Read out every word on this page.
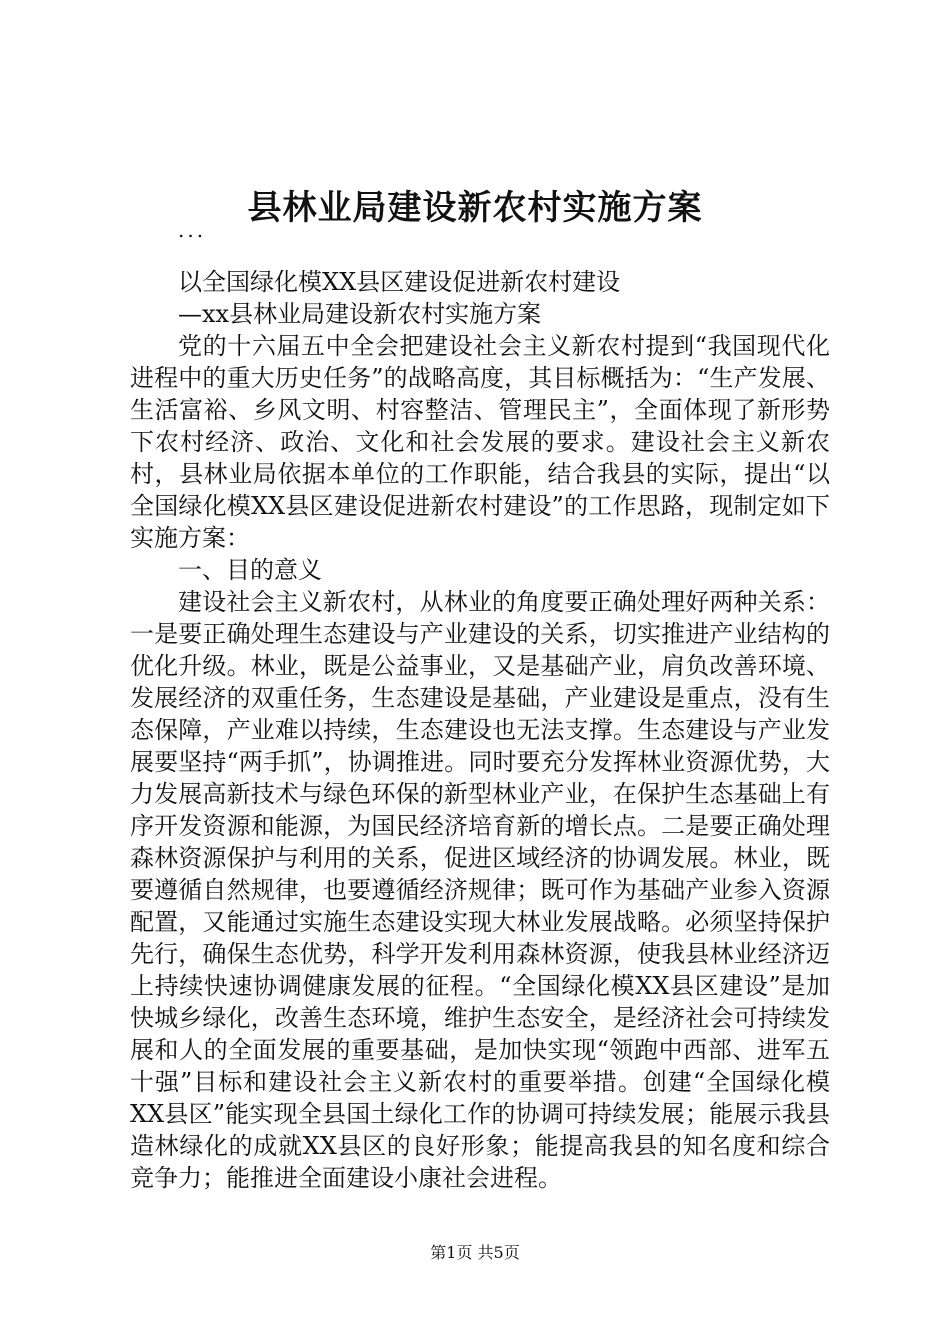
县林业局建设新农村实施方案
...

以全国绿化模XX县区建设促进新农村建设

—xx县林业局建设新农村实施方案

党的十六届五中全会把建设社会主义新农村提到“我国现代化进程中的重大历史任务”的战略高度，其目标概括为：“生产发展、生活富裕、乡风文明、村容整洁、管理民主”，全面体现了新形势下农村经济、政治、文化和社会发展的要求。建设社会主义新农村，县林业局依据本单位的工作职能，结合我县的实际，提出“以全国绿化模XX县区建设促进新农村建设”的工作思路，现制定如下实施方案：

一、目的意义

建设社会主义新农村，从林业的角度要正确处理好两种关系：一是要正确处理生态建设与产业建设的关系，切实推进产业结构的优化升级。林业，既是公益事业，又是基础产业，肩负改善环境、发展经济的双重任务，生态建设是基础，产业建设是重点，没有生态保障，产业难以持续，生态建设也无法支撑。生态建设与产业发展要坚持“两手抓”，协调推进。同时要充分发挥林业资源优势，大力发展高新技术与绿色环保的新型林业产业，在保护生态基础上有序开发资源和能源，为国民经济培育新的增长点。二是要正确处理森林资源保护与利用的关系，促进区域经济的协调发展。林业，既要遵循自然规律，也要遵循经济规律；既可作为基础产业参入资源配置，又能通过实施生态建设实现大林业发展战略。必须坚持保护先行，确保生态优势，科学开发利用森林资源，使我县林业经济迈上持续快速协调健康发展的征程。“全国绿化模XX县区建设”是加快城乡绿化，改善生态环境，维护生态安全，是经济社会可持续发展和人的全面发展的重要基础，是加快实现“领跑中西部、进军五十强”目标和建设社会主义新农村的重要举措。创建“全国绿化模XX县区”能实现全县国土绿化工作的协调可持续发展；能展示我县造林绿化的成就XX县区的良好形象；能提高我县的知名度和综合竞争力；能推进全面建设小康社会进程。

第1页 共5页
